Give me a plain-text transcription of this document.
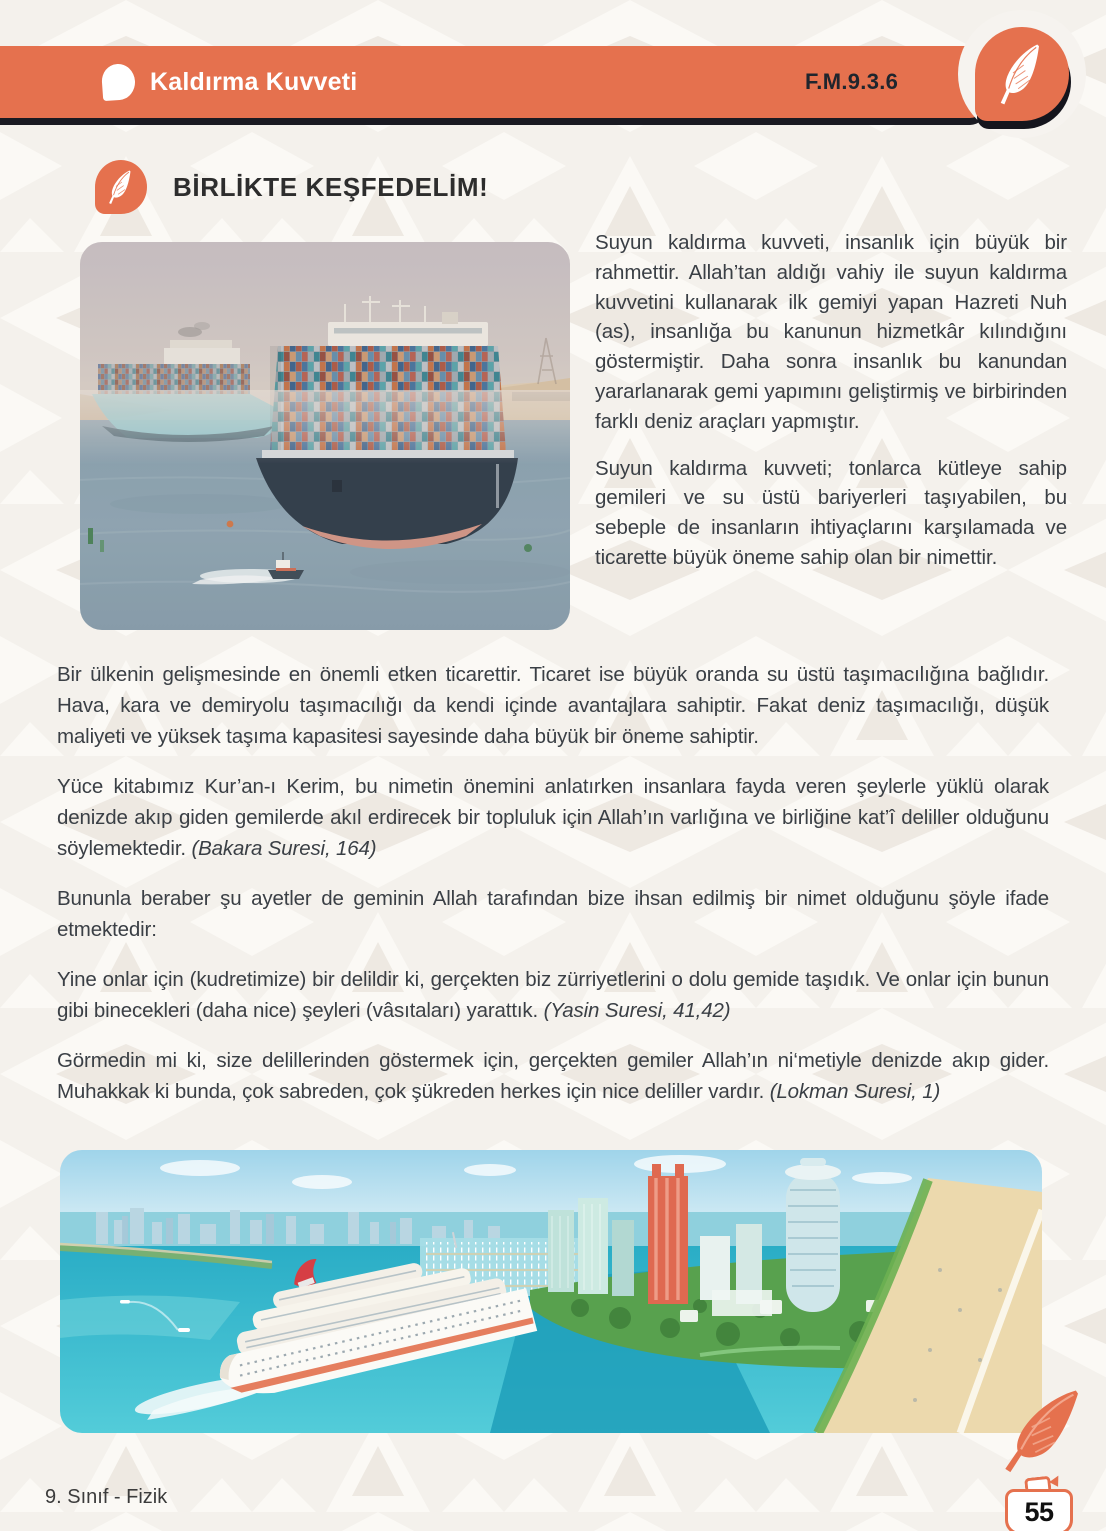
Kaldırma Kuvveti	F.M.9.3.6
BİRLİKTE KEŞFEDELİM!

Suyun kaldırma kuvveti, insanlık için büyük bir rahmettir. Allah’tan aldığı vahiy ile suyun kaldırma kuvvetini kullanarak ilk gemiyi yapan Hazreti Nuh (as), insanlığa bu kanunun hizmetkâr kılındığını göstermiştir. Daha sonra insanlık bu kanundan yararlanarak gemi yapımını geliştirmiş ve birbirinden farklı deniz araçları yapmıştır.

Suyun kaldırma kuvveti; tonlarca kütleye sahip gemileri ve su üstü bariyerleri taşıyabilen, bu sebeple de insanların ihtiyaçlarını karşılamada ve ticarette büyük öneme sahip olan bir nimettir.

Bir ülkenin gelişmesinde en önemli etken ticarettir. Ticaret ise büyük oranda su üstü taşımacılığına bağlıdır. Hava, kara ve demiryolu taşımacılığı da kendi içinde avantajlara sahiptir. Fakat deniz taşımacılığı, düşük maliyeti ve yüksek taşıma kapasitesi sayesinde daha büyük bir öneme sahiptir.

Yüce kitabımız Kur’an-ı Kerim, bu nimetin önemini anlatırken insanlara fayda veren şeylerle yüklü olarak denizde akıp giden gemilerde akıl erdirecek bir topluluk için Allah’ın varlığına ve birliğine kat’î deliller olduğunu söylemektedir. (Bakara Suresi, 164)

Bununla beraber şu ayetler de geminin Allah tarafından bize ihsan edilmiş bir nimet olduğunu şöyle ifade etmektedir:

Yine onlar için (kudretimize) bir delildir ki, gerçekten biz zürriyetlerini o dolu gemide taşıdık. Ve onlar için bunun gibi binecekleri (daha nice) şeyleri (vâsıtaları) yarattık. (Yasin Suresi, 41,42)

Görmedin mi ki, size delillerinden göstermek için, gerçekten gemiler Allah’ın ni‘metiyle denizde akıp gider. Muhakkak ki bunda, çok sabreden, çok şükreden herkes için nice deliller vardır. (Lokman Suresi, 1)

9. Sınıf - Fizik	55
